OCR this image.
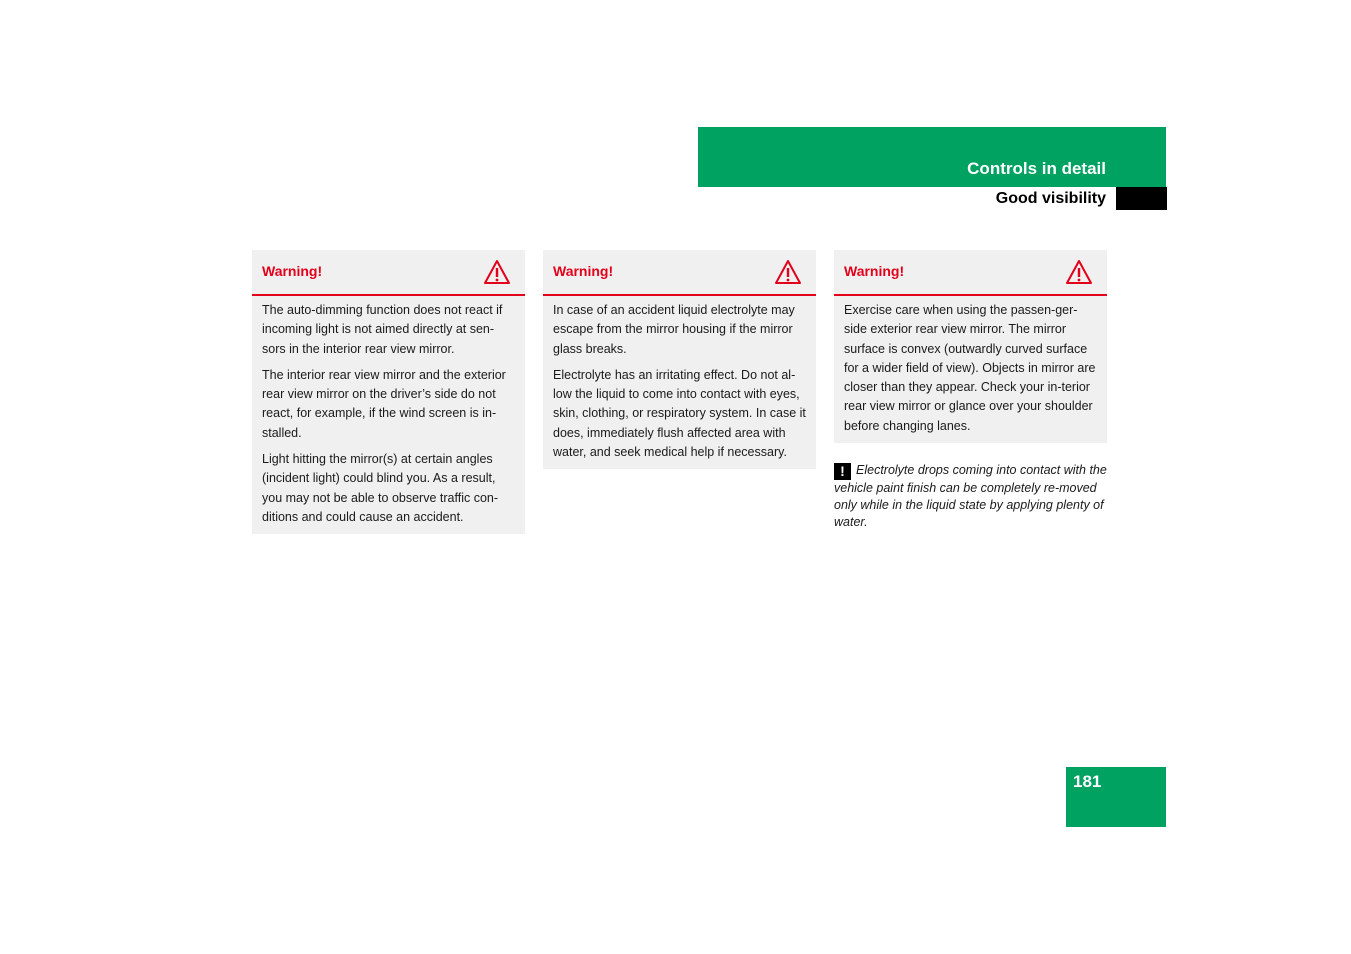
Controls in detail
Good visibility
Warning!

The auto-dimming function does not react if incoming light is not aimed directly at sen-sors in the interior rear view mirror.

The interior rear view mirror and the exterior rear view mirror on the driver’s side do not react, for example, if the wind screen is in-stalled.

Light hitting the mirror(s) at certain angles (incident light) could blind you. As a result, you may not be able to observe traffic con-ditions and could cause an accident.

Warning!

In case of an accident liquid electrolyte may escape from the mirror housing if the mirror glass breaks.

Electrolyte has an irritating effect. Do not al-low the liquid to come into contact with eyes, skin, clothing, or respiratory system. In case it does, immediately flush affected area with water, and seek medical help if necessary.

Warning!

Exercise care when using the passen-ger-side exterior rear view mirror. The mirror surface is convex (outwardly curved surface for a wider field of view). Objects in mirror are closer than they appear. Check your in-terior rear view mirror or glance over your shoulder before changing lanes.

! Electrolyte drops coming into contact with the vehicle paint finish can be completely re-moved only while in the liquid state by applying plenty of water.
181
